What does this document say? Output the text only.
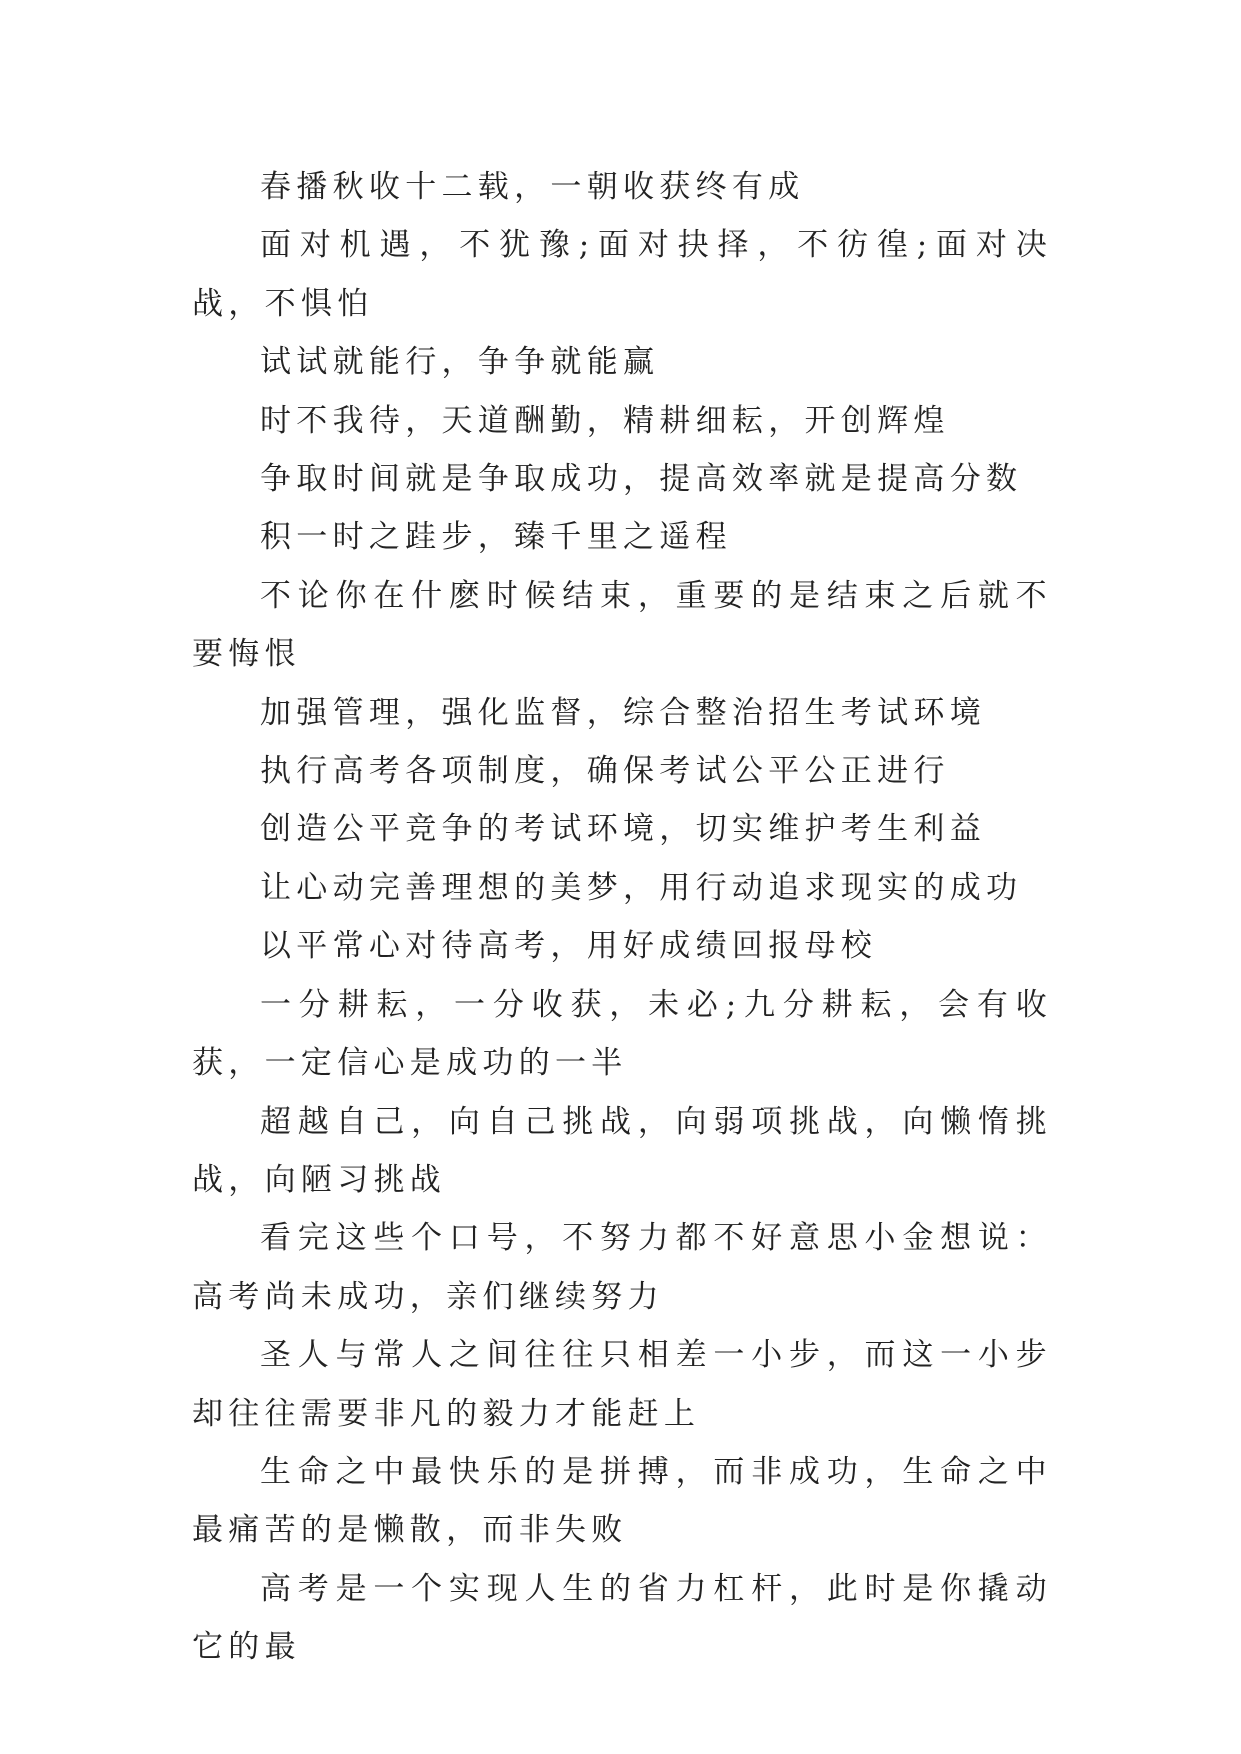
春播秋收十二载，一朝收获终有成

面对机遇，不犹豫;面对抉择，不彷徨;面对决战，不惧怕

试试就能行，争争就能赢

时不我待，天道酬勤，精耕细耘，开创辉煌

争取时间就是争取成功，提高效率就是提高分数

积一时之跬步，臻千里之遥程

不论你在什麽时候结束，重要的是结束之后就不要悔恨

加强管理，强化监督，综合整治招生考试环境

执行高考各项制度，确保考试公平公正进行

创造公平竞争的考试环境，切实维护考生利益

让心动完善理想的美梦，用行动追求现实的成功

以平常心对待高考，用好成绩回报母校

一分耕耘，一分收获，未必;九分耕耘，会有收获，一定信心是成功的一半

超越自己，向自己挑战，向弱项挑战，向懒惰挑战，向陋习挑战

看完这些个口号，不努力都不好意思小金想说：高考尚未成功，亲们继续努力

圣人与常人之间往往只相差一小步，而这一小步却往往需要非凡的毅力才能赶上

生命之中最快乐的是拼搏，而非成功，生命之中最痛苦的是懒散，而非失败

高考是一个实现人生的省力杠杆，此时是你撬动它的最
